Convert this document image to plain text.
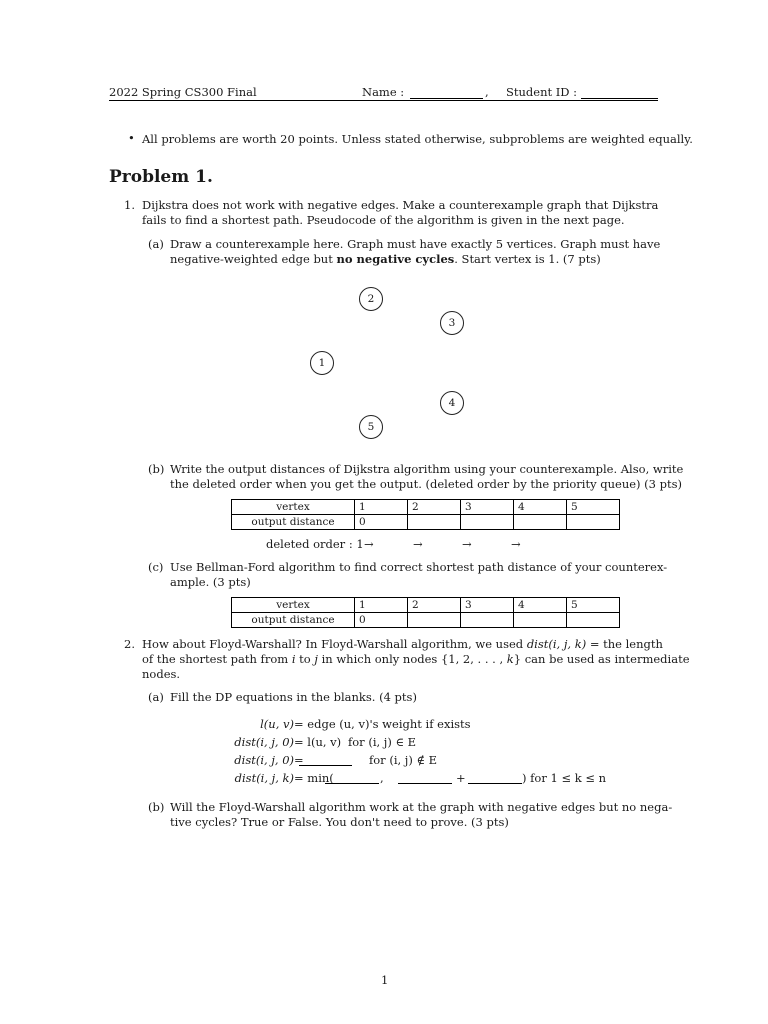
2022 Spring CS300 Final	Name :	, Student ID :
• All problems are worth 20 points. Unless stated otherwise, subproblems are weighted equally.
Problem 1.
1. Dijkstra does not work with negative edges. Make a counterexample graph that Dijkstra
fails to find a shortest path. Pseudocode of the algorithm is given in the next page.
(a) Draw a counterexample here. Graph must have exactly 5 vertices. Graph must have
negative-weighted edge but no negative cycles. Start vertex is 1. (7 pts)
2
3
1
4
5
(b) Write the output distances of Dijkstra algorithm using your counterexample. Also, write
the deleted order when you get the output. (deleted order by the priority queue) (3 pts)
vertex	1	2	3	4	5
output distance	0				
deleted order : 1 →	→	→	→
(c) Use Bellman-Ford algorithm to find correct shortest path distance of your counterex-
ample. (3 pts)
vertex	1	2	3	4	5
output distance	0				
2. How about Floyd-Warshall? In Floyd-Warshall algorithm, we used dist(i, j, k) = the length
of the shortest path from i to j in which only nodes {1, 2, . . . , k} can be used as intermediate
nodes.
(a) Fill the DP equations in the blanks. (4 pts)
l(u, v) = edge (u, v)'s weight if exists
dist(i, j, 0) = l(u, v) for (i, j) ∈ E
dist(i, j, 0) =	for (i, j) ∉ E
dist(i, j, k) = min(	,	+	) for 1 ≤ k ≤ n
(b) Will the Floyd-Warshall algorithm work at the graph with negative edges but no nega-
tive cycles? True or False. You don't need to prove. (3 pts)
1
